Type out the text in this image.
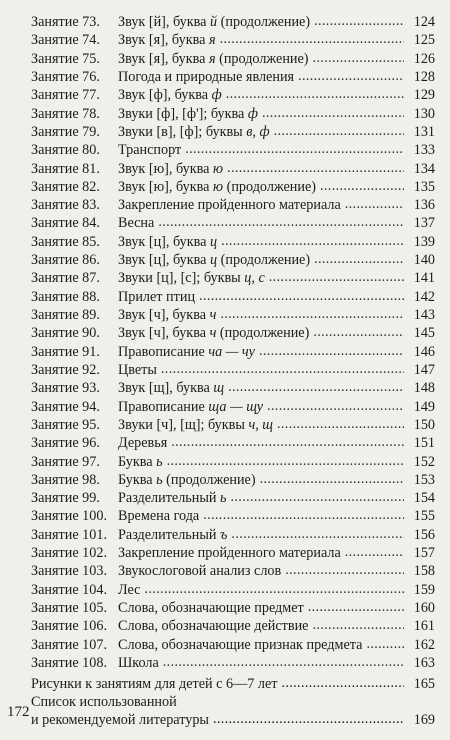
Занятие 73. Звук [й], буква й (продолжение) . . .	124
Занятие 74. Звук [я], буква я . . .	125
Занятие 75. Звук [я], буква я (продолжение) . . .	126
Занятие 76. Погода и природные явления . . .	128
Занятие 77. Звук [ф], буква ф . . .	129
Занятие 78. Звуки [ф], [ф']; буква ф . . .	130
Занятие 79. Звуки [в], [ф]; буквы в, ф . . .	131
Занятие 80. Транспорт . . .	133
Занятие 81. Звук [ю], буква ю . . .	134
Занятие 82. Звук [ю], буква ю (продолжение) . . .	135
Занятие 83. Закрепление пройденного материала . . .	136
Занятие 84. Весна . . .	137
Занятие 85. Звук [ц], буква ц . . .	139
Занятие 86. Звук [ц], буква ц (продолжение) . . .	140
Занятие 87. Звуки [ц], [с]; буквы ц, с . . .	141
Занятие 88. Прилет птиц . . .	142
Занятие 89. Звук [ч], буква ч . . .	143
Занятие 90. Звук [ч], буква ч (продолжение) . . .	145
Занятие 91. Правописание ча — чу . . .	146
Занятие 92. Цветы . . .	147
Занятие 93. Звук [щ], буква щ . . .	148
Занятие 94. Правописание ща — щу . . .	149
Занятие 95. Звуки [ч], [щ]; буквы ч, щ . . .	150
Занятие 96. Деревья . . .	151
Занятие 97. Буква ь . . .	152
Занятие 98. Буква ь (продолжение) . . .	153
Занятие 99. Разделительный ь . . .	154
Занятие 100. Времена года . . .	155
Занятие 101. Разделительный ъ . . .	156
Занятие 102. Закрепление пройденного материала . . .	157
Занятие 103. Звукослоговой анализ слов . . .	158
Занятие 104. Лес . . .	159
Занятие 105. Слова, обозначающие предмет . . .	160
Занятие 106. Слова, обозначающие действие . . .	161
Занятие 107. Слова, обозначающие признак предмета . . .	162
Занятие 108. Школа . . .	163
Рисунки к занятиям для детей с 6—7 лет . . .	165
Список использованной
и рекомендуемой литературы . . .	169
172
